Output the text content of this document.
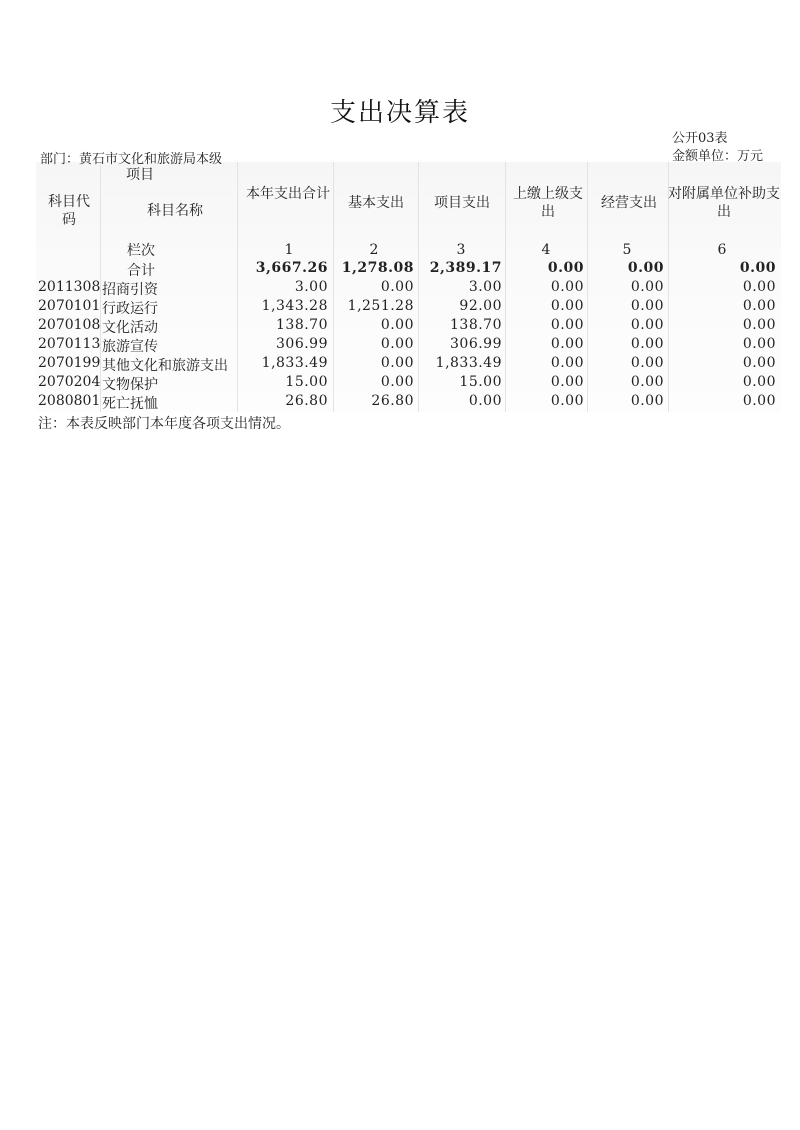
支出决算表
公开03表
金额单位：万元
部门：黄石市文化和旅游局本级
项目
科目代码
科目名称
本年支出合计
基本支出	项目支出
上缴上级支出
经营支出
对附属单位补助支出
栏次	1	2	3	4	5	6
合计	3,667.26 1,278.08	2,389.17	0.00	0.00	0.00
2011308 招商引资	3.00	0.00	3.00	0.00	0.00	0.00
2070101 行政运行	1,343.28	1,251.28	92.00	0.00	0.00	0.00
2070108 文化活动	138.70	0.00	138.70	0.00	0.00	0.00
2070113 旅游宣传	306.99	0.00	306.99	0.00	0.00	0.00
2070199 其他文化和旅游支出	1,833.49	0.00	1,833.49	0.00	0.00	0.00
2070204 文物保护	15.00	0.00	15.00	0.00	0.00	0.00
2080801 死亡抚恤	26.80	26.80	0.00	0.00	0.00	0.00
注：本表反映部门本年度各项支出情况。
